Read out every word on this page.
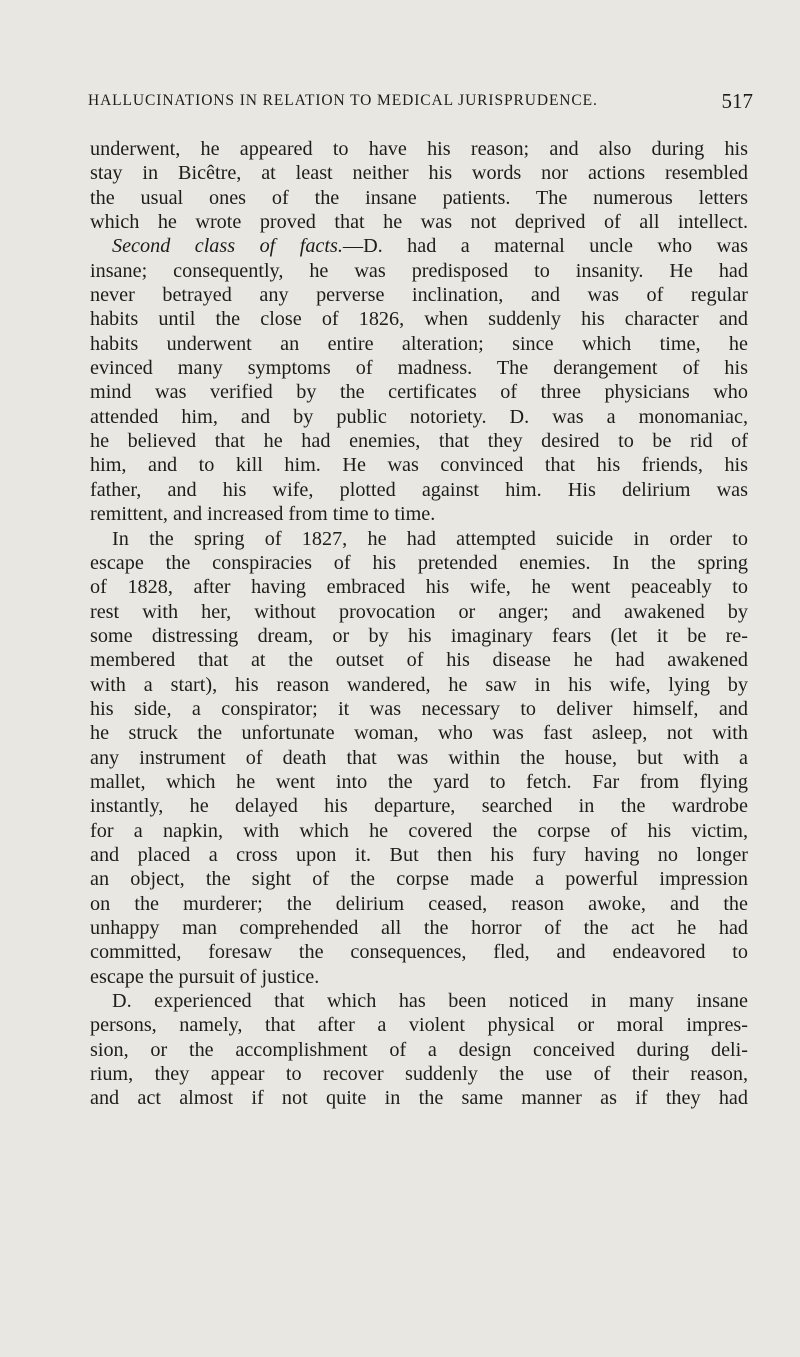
HALLUCINATIONS IN RELATION TO MEDICAL JURISPRUDENCE.	517
underwent, he appeared to have his reason; and also during his
stay in Bicêtre, at least neither his words nor actions resembled
the usual ones of the insane patients. The numerous letters
which he wrote proved that he was not deprived of all intellect.
Second class of facts.—D. had a maternal uncle who was
insane; consequently, he was predisposed to insanity. He had
never betrayed any perverse inclination, and was of regular
habits until the close of 1826, when suddenly his character and
habits underwent an entire alteration; since which time, he
evinced many symptoms of madness. The derangement of his
mind was verified by the certificates of three physicians who
attended him, and by public notoriety. D. was a monomaniac,
he believed that he had enemies, that they desired to be rid of
him, and to kill him. He was convinced that his friends, his
father, and his wife, plotted against him. His delirium was
remittent, and increased from time to time.
In the spring of 1827, he had attempted suicide in order to
escape the conspiracies of his pretended enemies. In the spring
of 1828, after having embraced his wife, he went peaceably to
rest with her, without provocation or anger; and awakened by
some distressing dream, or by his imaginary fears (let it be re-
membered that at the outset of his disease he had awakened
with a start), his reason wandered, he saw in his wife, lying by
his side, a conspirator; it was necessary to deliver himself, and
he struck the unfortunate woman, who was fast asleep, not with
any instrument of death that was within the house, but with a
mallet, which he went into the yard to fetch. Far from flying
instantly, he delayed his departure, searched in the wardrobe
for a napkin, with which he covered the corpse of his victim,
and placed a cross upon it. But then his fury having no longer
an object, the sight of the corpse made a powerful impression
on the murderer; the delirium ceased, reason awoke, and the
unhappy man comprehended all the horror of the act he had
committed, foresaw the consequences, fled, and endeavored to
escape the pursuit of justice.
D. experienced that which has been noticed in many insane
persons, namely, that after a violent physical or moral impres-
sion, or the accomplishment of a design conceived during deli-
rium, they appear to recover suddenly the use of their reason,
and act almost if not quite in the same manner as if they had
